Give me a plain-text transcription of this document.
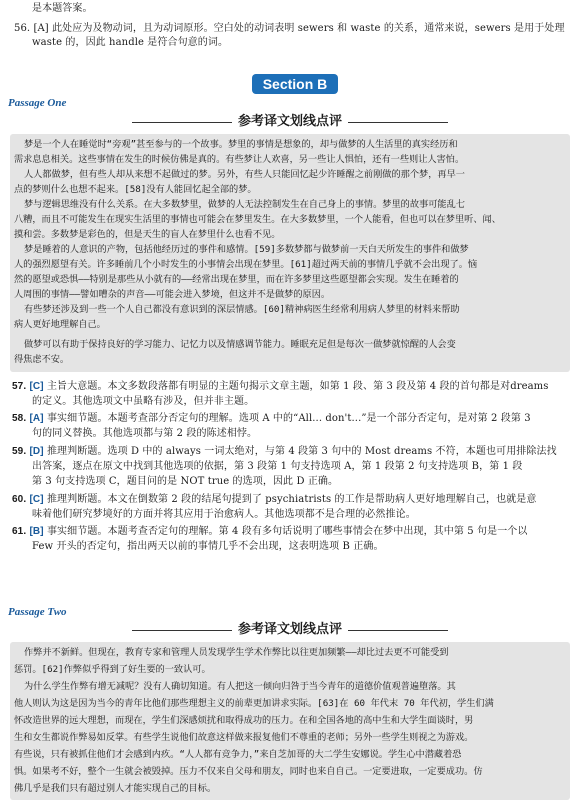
是本题答案。
56. [A] 此处应为及物动词，且为动词原形。空白处的动词表明 sewers 和 waste 的关系，通常来说，sewers 是用于处理
waste 的，因此 handle 是符合句意的词。
Section B
Passage One
参考译文划线点评
梦是一个人在睡觉时“旁观”甚至参与的一个故事。梦里的事情是想象的，却与做梦的人生活里的真实经历和
需求息息相关。这些事情在发生的时候仿佛是真的。有些梦让人欢喜，另一些让人惧怕，还有一些则让人害怕。
人人都做梦，但有些人却从来想不起做过的梦。另外，有些人只能回忆起少许睡醒之前刚做的那个梦，再早一
点的梦则什么也想不起来。[58]没有人能回忆起全部的梦。
梦与逻辑思维没有什么关系。在大多数梦里，做梦的人无法控制发生在自己身上的事情。梦里的故事可能乱七
八糟，而且不可能发生在现实生活里的事情也可能会在梦里发生。在大多数梦里，一个人能看，但也可以在梦里听、闻、
摸和尝。多数梦是彩色的，但是天生的盲人在梦里什么也看不见。
梦是睡着的人意识的产物，包括他经历过的事件和感情。[59]多数梦都与做梦前一天白天所发生的事件和做梦
人的强烈愿望有关。许多睡前几个小时发生的小事情会出现在梦里。[61]超过两天前的事情几乎就不会出现了。恼
然的愿望或恐惧——特别是那些从小就有的——经常出现在梦里，而在许多梦里这些愿望都会实现。发生在睡着的
人周围的事情——譬如嘈杂的声音——可能会进入梦境，但这并不是做梦的原因。
有些梦还涉及到一些一个人自己都没有意识到的深层情感。[60]精神病医生经常利用病人梦里的材料来帮助
病人更好地理解自己。
做梦可以有助于保持良好的学习能力、记忆力以及情感调节能力。睡眠充足但是每次一做梦就惊醒的人会变
得焦虑不安。
57. [C] 主旨大意题。本文多数段落都有明显的主题句揭示文章主题，如第 1 段、第 3 段及第 4 段的首句都是对dreams
的定义。其他选项文中虽略有涉及，但并非主题。
58. [A] 事实细节题。本题考查部分否定句的理解。选项 A 中的“All... don't...”是一个部分否定句，是对第 2 段第 3
句的同义替换。其他选项都与第 2 段的陈述相悖。
59. [D] 推理判断题。选项 D 中的 always 一词太绝对，与第 4 段第 3 句中的 Most dreams 不符，本题也可用排除法找
出答案，逐点在原文中找到其他选项的依据，第 3 段第 1 句支持选项 A，第 1 段第 2 句支持选项 B，第 1 段
第 3 句支持选项 C，题目问的是 NOT true 的选项，因此 D 正确。
60. [C] 推理判断题。本文在倒数第 2 段的结尾句提到了 psychiatrists 的工作是帮助病人更好地理解自己，也就是意
味着他们研究梦境好的方面并将其应用于治愈病人。其他选项都不是合理的必然推论。
61. [B] 事实细节题。本题考查否定句的理解。第 4 段有多句话说明了哪些事情会在梦中出现，其中第 5 句是一个以
Few 开头的否定句，指出两天以前的事情几乎不会出现，这表明选项 B 正确。
Passage Two
参考译文划线点评
作弊并不新鲜。但现在，教育专家和管理人员发现学生学术作弊比以往更加频繁——却比过去更不可能受到
惩罚。[62]作弊似乎得到了好生要的一致认可。
为什么学生作弊有增无减呢？没有人确切知道。有人把这一倾向归咎于当今青年的道德价值观普遍堕落。其
他人则认为这是因为当今的青年比他们那些理想主义的前辈更加讲求实际。[63]在 60 年代末 70 年代初，学生们满
怀改造世界的远大理想，而现在，学生们深感烦扰和取得成功的压力。在和全国各地的高中生和大学生面谈时，男
生和女生都说作弊易如反掌。有些学生说他们故意这样做来报复他们不尊重的老师；另外一些学生则视之为游戏。
有些说，只有被抓住他们才会感到内疚。“人人都有竞争力，”来自芝加哥的大二学生安娜说。学生心中潜藏着恐
惧。如果考不好，整个一生就会被毁掉。压力不仅来自父母和朋友，同时也来自自己。一定要进取，一定要成功。仿
佛几乎是我们只有超过别人才能实现自己的目标。
